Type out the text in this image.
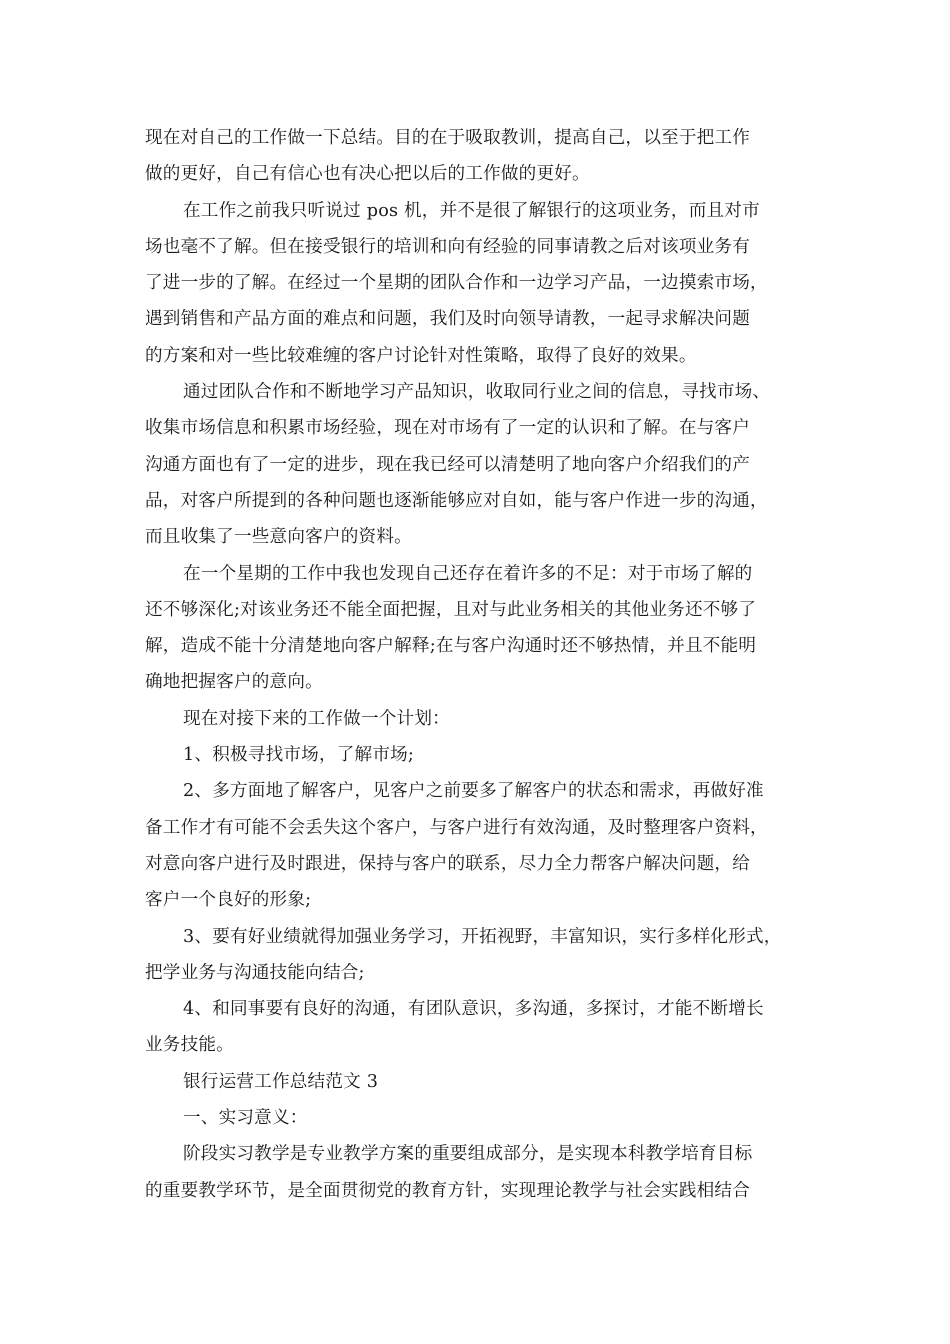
现在对自己的工作做一下总结。目的在于吸取教训，提高自己，以至于把工作
做的更好，自己有信心也有决心把以后的工作做的更好。
在工作之前我只听说过 pos 机，并不是很了解银行的这项业务，而且对市
场也毫不了解。但在接受银行的培训和向有经验的同事请教之后对该项业务有
了进一步的了解。在经过一个星期的团队合作和一边学习产品，一边摸索市场，
遇到销售和产品方面的难点和问题，我们及时向领导请教，一起寻求解决问题
的方案和对一些比较难缠的客户讨论针对性策略，取得了良好的效果。
通过团队合作和不断地学习产品知识，收取同行业之间的信息，寻找市场、
收集市场信息和积累市场经验，现在对市场有了一定的认识和了解。在与客户
沟通方面也有了一定的进步，现在我已经可以清楚明了地向客户介绍我们的产
品，对客户所提到的各种问题也逐渐能够应对自如，能与客户作进一步的沟通，
而且收集了一些意向客户的资料。
在一个星期的工作中我也发现自己还存在着许多的不足：对于市场了解的
还不够深化;对该业务还不能全面把握，且对与此业务相关的其他业务还不够了
解，造成不能十分清楚地向客户解释;在与客户沟通时还不够热情，并且不能明
确地把握客户的意向。
现在对接下来的工作做一个计划：
1、积极寻找市场，了解市场;
2、多方面地了解客户，见客户之前要多了解客户的状态和需求，再做好准
备工作才有可能不会丢失这个客户，与客户进行有效沟通，及时整理客户资料，
对意向客户进行及时跟进，保持与客户的联系，尽力全力帮客户解决问题，给
客户一个良好的形象;
3、要有好业绩就得加强业务学习，开拓视野，丰富知识，实行多样化形式，
把学业务与沟通技能向结合;
4、和同事要有良好的沟通，有团队意识，多沟通，多探讨，才能不断增长
业务技能。
银行运营工作总结范文 3
一、实习意义：
阶段实习教学是专业教学方案的重要组成部分，是实现本科教学培育目标
的重要教学环节，是全面贯彻党的教育方针，实现理论教学与社会实践相结合
